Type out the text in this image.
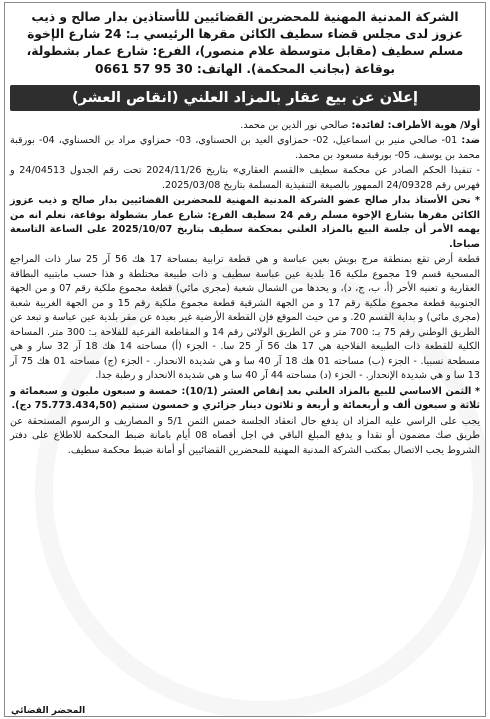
الشركة المدنية المهنية للمحضرين القضائيين للأستاذين بدار صالح و ذيب

عزوز لدى مجلس قضاء سطيف الكائن مقرها الرئيسي بـ: 24 شارع الإخوة

مسلم سطيف (مقابل متوسطة علام منصور)، الفرع: شارع عمار بشطولة،

بوقاعة (بجانب المحكمة). الهاتف: 0661 57 95 30

إعلان عن بيع عقار بالمزاد العلني (انقاص العشر)

أولا/ هوية الأطراف: لفائدة: صالحي نور الدين بن محمد.

ضد: 01- صالحي منير بن اسماعيل، 02- حمزاوي العيد بن الحسناوي، 03- حمزاوي مراد بن الحسناوي، 04- بورقبة محمد بن يوسف، 05- بورقبة مسعود بن محمد.

- تنفيذا الحكم الصادر عن محكمة سطيف «القسم العقاري» بتاريخ 2024/11/26 تحت رقم الجدول 24/04513 و فهرس رقم 24/09328 الممهور بالصيغة التنفيذية المسلمة بتاريخ 2025/03/08.

* نحن الأستاذ بدار صالح عضو الشركة المدنية المهنية للمحضرين القضائيين بدار صالح و ذيب عزوز الكائن مقرها بشارع الإخوة مسلم رقم 24 سطيف الفرع: شارع عمار بشطولة بوقاعة، نعلم انه من يهمه الأمر أن جلسة البيع بالمزاد العلني بمحكمة سطيف بتاريخ 2025/10/07 على الساعة التاسعة صباحا.

قطعة أرض تقع بمنطقة مرج بويش بعين عباسة و هي قطعة ترابية بمساحة 17 هك 56 آر 25 سار ذات المراجع المسحية قسم 19 مجموع ملكية 16 بلدية عين عباسة سطيف و ذات طبيعة مختلطة و هذا حسب مابتبيه البطاقة العقارية و تعنيه الأحر (أ، ب، ج، د)، و يحدها من الشمال شعبة (مجرى مائي) قطعة مجموع ملكية رقم 07 و من الجهة الجنوبية قطعة مجموع ملكية رقم 17 و من الجهة الشرقية قطعة مجموع ملكية رقم 15 و من الجهة الغربية شعبة (مجرى مائي) و بداية القسم 20. و من حيث الموقع فإن القطعة الأرضية غير بعيدة عن مقر بلدية عين عباسة و تبعد عن الطريق الوطني رقم 75 بـ: 700 متر و عن الطريق الولائي رقم 14 و المقاطعة الفرعية للفلاحة بـ: 300 متر. المساحة الكلية للقطعة ذات الطبيعة الفلاحية هي 17 هك 56 آر 25 سا. - الجزء (أ) مساحته 14 هك 18 آر 32 سار و هي مسطحة نسبيا. - الجزء (ب) مساحته 01 هك 18 آر 40 سا و هي شديدة الانحدار. - الجزء (ج) مساحته 01 هك 75 آر 13 سا و هي شديدة الإنحدار. - الجزء (د) مساحته 44 آر 40 سا و هي شديدة الانحدار و رطبة جدا.

* الثمن الاساسي للبيع بالمزاد العلني بعد إنقاص العشر (10/1): خمسة و سبعون مليون و سبعمائة و ثلاثة و سبعون ألف و أربعمائة و أربعة و ثلاثون دينار جزائري و خمسون سنتيم (75.773.434,50 دج).

يجب على الراسي عليه المزاد ان يدفع حال انعقاد الجلسة خمس الثمن 5/1 و المصاريف و الرسوم المستحقة عن طريق صك مضمون أو نقدا و يدفع المبلغ الباقي في اجل أقصاه 08 أيام بامانة ضبط المحكمة للاطلاع على دفتر الشروط يجب الاتصال بمكتب الشركة المدنية المهنية للمحضرين القضائيين أو أمانة ضبط محكمة سطيف.

المحضر القضائي
